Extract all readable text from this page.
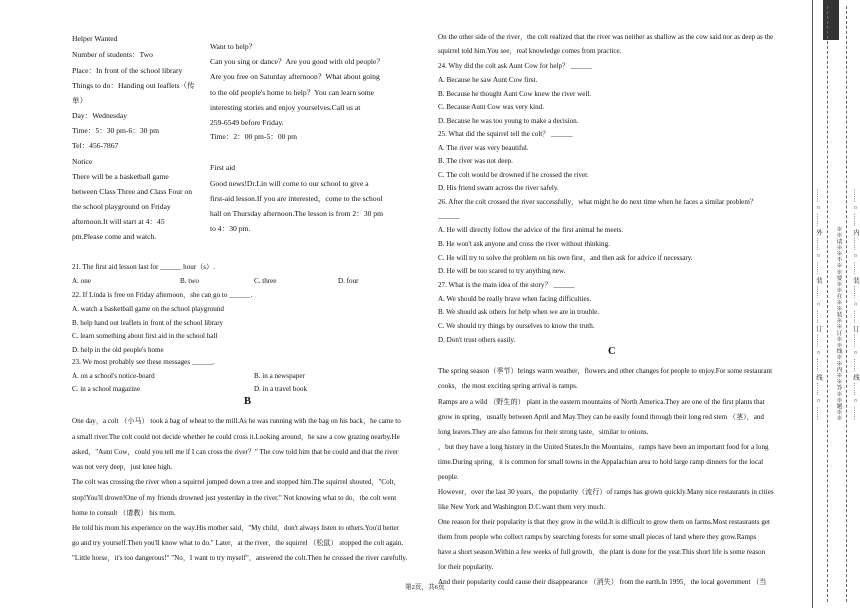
Helper Wanted
Number of students：Two
Place：In front of the school library
Things to do：Handing out leaflets（传
单）
Day：Wednesday
Time：5：30 pm-6：30 pm
Tel：456-7867
Notice
There will be a basketball game
between Class Three and Class Four on
the school playground on Friday
afternoon.It will start at 4：45
pm.Please come and watch.
Want to help？
Can you sing or dance？Are you good with old people？
Are you free on Saturday afternoon？What about going
to the old people's home to help？You can learn some
interesting stories and enjoy yourselves.Call us at
259-6549 before Friday.
Time：2：00 pm-5：00 pm
First aid
Good news!Dr.Lin will come to our school to give a
first-aid lesson.If you are interested，come to the school
hall on Thursday afternoon.The lesson is from 2：30 pm
to 4：30 pm.
21. The first aid lesson last for ______ hour（s）.
A. one	B. two	C. three	D. four
22. If Linda is free on Friday afternoon，she can go to ______.
A. watch a basketball game on the school playground
B. help hand out leaflets in front of the school library
C. learn something about first aid in the school hall
D. help in the old people's home
23. We most probably see these messages ______.
A. on a school's notice-board	B. in a newspaper
C. in a school magazine	D. in a travel book
B
One day，a colt （小马） took a bag of wheat to the mill.As he was running with the bag on his back，he came to
a small river.The colt could not decide whether he could cross it.Looking around，he saw a cow grazing nearby.He
asked，"Aunt Cow，could you tell me if I can cross the river？" The cow told him that he could and that the river
was not very deep，just knee high.
The colt was crossing the river when a squirrel jumped down a tree and stopped him.The squirrel shouted，"Colt，
stop!You'll drown!One of my friends drowned just yesterday in the river." Not knowing what to do，the colt went
home to consult （请教） his mom.
He told his mom his experience on the way.His mother said，"My child，don't always listen to others.You'd better
go and try yourself.Then you'll know what to do." Later，at the river，the squirrel （松鼠） stopped the colt again.
"Little horse，it's too dangerous!" "No，I want to try myself"，answered the colt.Then he crossed the river carefully.
On the other side of the river，the colt realized that the river was neither as shallow as the cow said nor as deep as the
squirrel told him.You see，real knowledge comes from practice.
24. Why did the colt ask Aunt Cow for help？ ______
A. Because he saw Aunt Cow first.
B. Because he thought Aunt Cow knew the river well.
C. Because Aunt Cow was very kind.
D. Because he was too young to make a decision.
25. What did the squirrel tell the colt？ ______
A. The river was very beautiful.
B. The river was not deep.
C. The colt would be drowned if he crossed the river.
D. His friend swam across the river safely.
26. After the colt crossed the river successfully，what might he do next time when he faces a similar problem？
______
A. He will directly follow the advice of the first animal he meets.
B. He won't ask anyone and cross the river without thinking.
C. He will try to solve the problem on his own first，and then ask for advice if necessary.
D. He will be too scared to try anything new.
27. What is the main idea of the story？ ______
A. We should be really brave when facing difficulties.
B. We should ask others for help when we are in trouble.
C. We should try things by ourselves to know the truth.
D. Don't trust others easily.
C
The spring season（季节）brings warm weather，flowers and other changes for people to enjoy.For some restaurant
cooks，the most exciting spring arrival is ramps.
Ramps are a wild （野生的） plant in the eastern mountains of North America.They are one of the first plants that
grow in spring，usually between April and May.They can be easily found through their long red stem （茎），and
long leaves.They are also famous for their strong taste，similar to onions.
，but they have a long history in the United States.In the Mountains，ramps have been an important food for a long
time.During spring，it is common for small towns in the Appalachian area to hold large ramp dinners for the local
people.
However，over the last 30 years，the popularity（流行）of ramps has grown quickly.Many nice restaurants in cities
like New York and Washington D.C.want them very much.
One reason for their popularity is that they grow in the wild.It is difficult to grow them on farms.Most restaurants get
them from people who collect ramps by searching forests for some small pieces of land where they grow.Ramps
have a short season.Within a few weeks of full growth，the plant is done for the year.This short life is some reason
for their popularity.
And their popularity could cause their disappearance （消失） from the earth.In 1995，the local government （当
第2页，共6页
…… ○ …… 外 …… ○ …… 装 …… ○ …… 订 …… ○ …… 线 …… ○ ……	※※请※※不※※要※※在※※装※※订※※线※※内※※答※※题※※ …… ○ …… 内 …… ○ …… 装 …… ○ …… 订 …… ○ …… 线 …… ○ ……
